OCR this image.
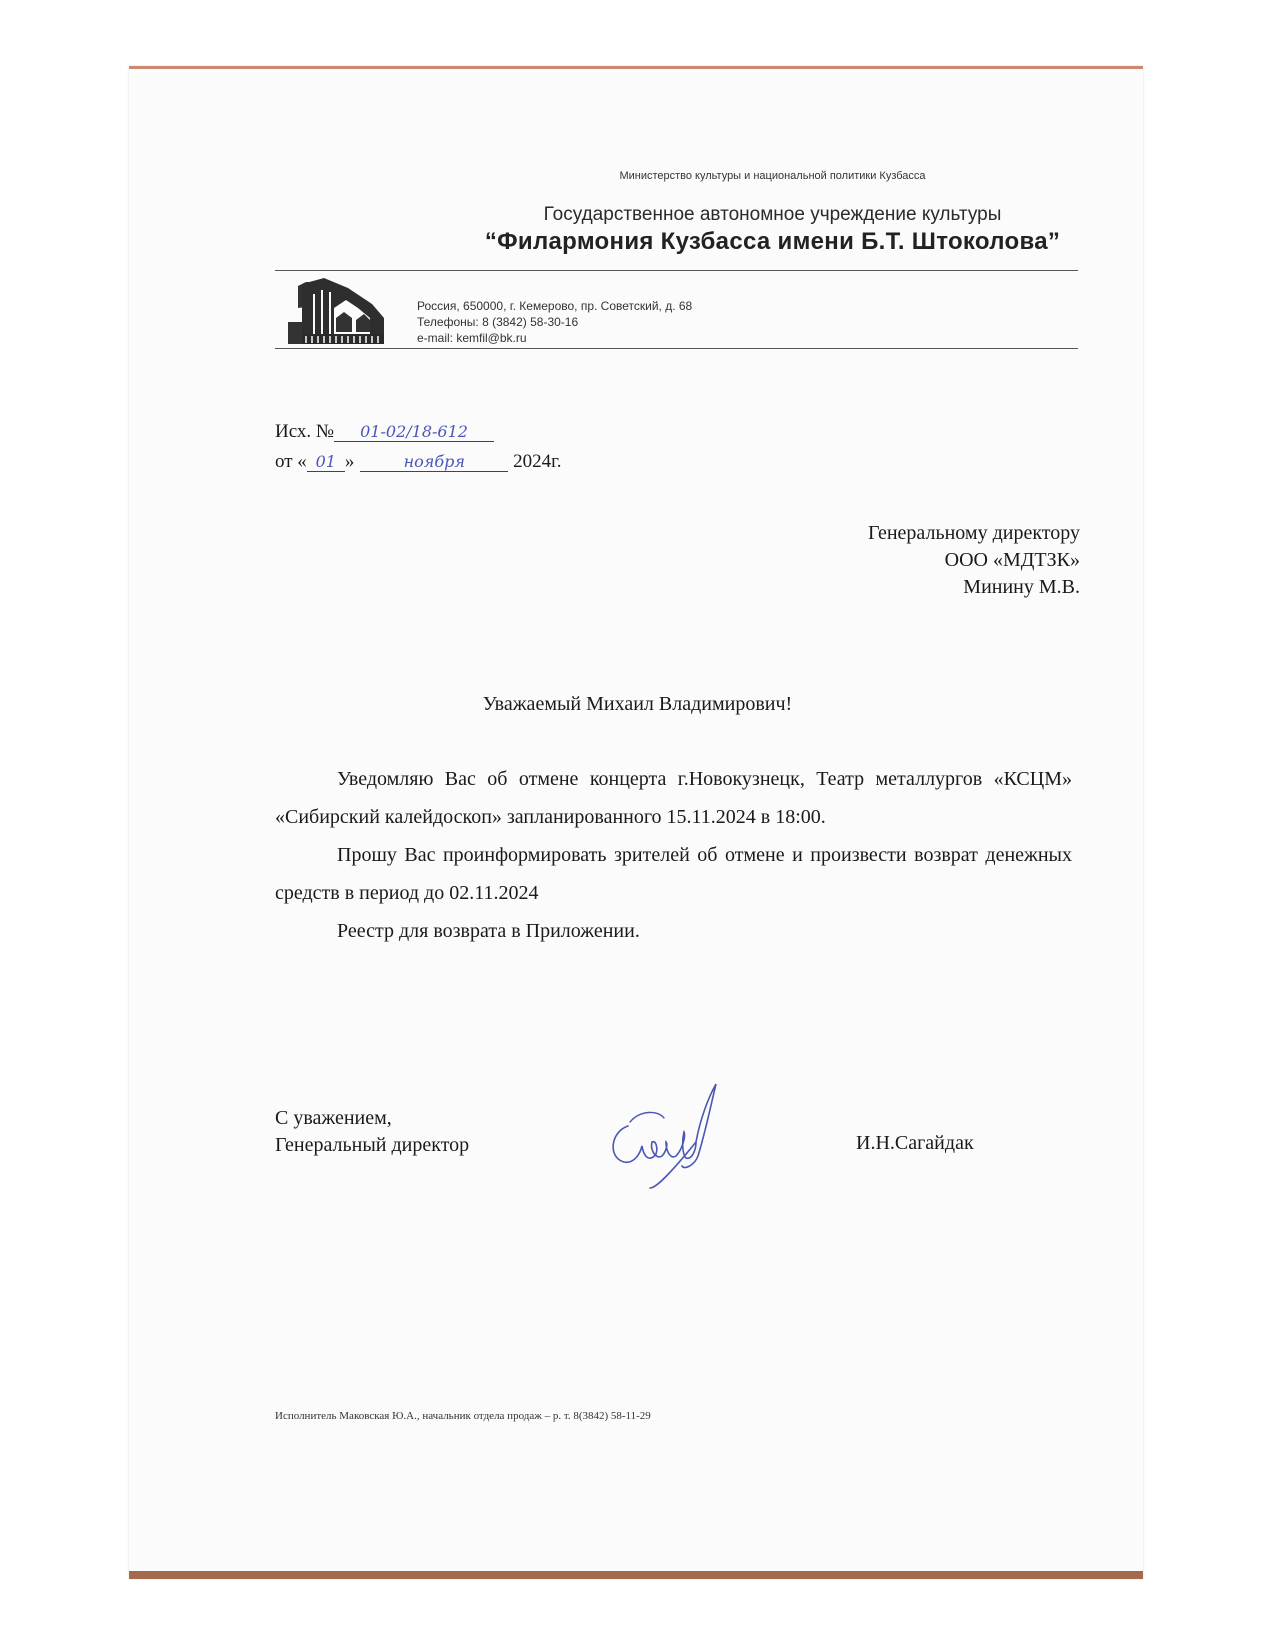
Министерство культуры и национальной политики Кузбасса
Государственное автономное учреждение культуры
“Филармония Кузбасса имени Б.Т. Штоколова”
Россия, 650000, г. Кемерово, пр. Советский, д. 68
Телефоны: 8 (3842) 58-30-16
e-mail: kemfil@bk.ru
Исх. № 01-02/18-612
от « 01 »	ноября	2024г.
Генеральному директору
ООО «МДТЗК»
Минину М.В.
Уважаемый Михаил Владимирович!

Уведомляю Вас об отмене концерта г.Новокузнецк, Театр металлургов «КСЦМ» «Сибирский калейдоскоп» запланированного 15.11.2024 в 18:00.

Прошу Вас проинформировать зрителей об отмене и произвести возврат денежных средств в период до 02.11.2024

Реестр для возврата в Приложении.

С уважением,
Генеральный директор	И.Н.Сагайдак
Исполнитель Маковская Ю.А., начальник отдела продаж – р. т. 8(3842) 58-11-29
